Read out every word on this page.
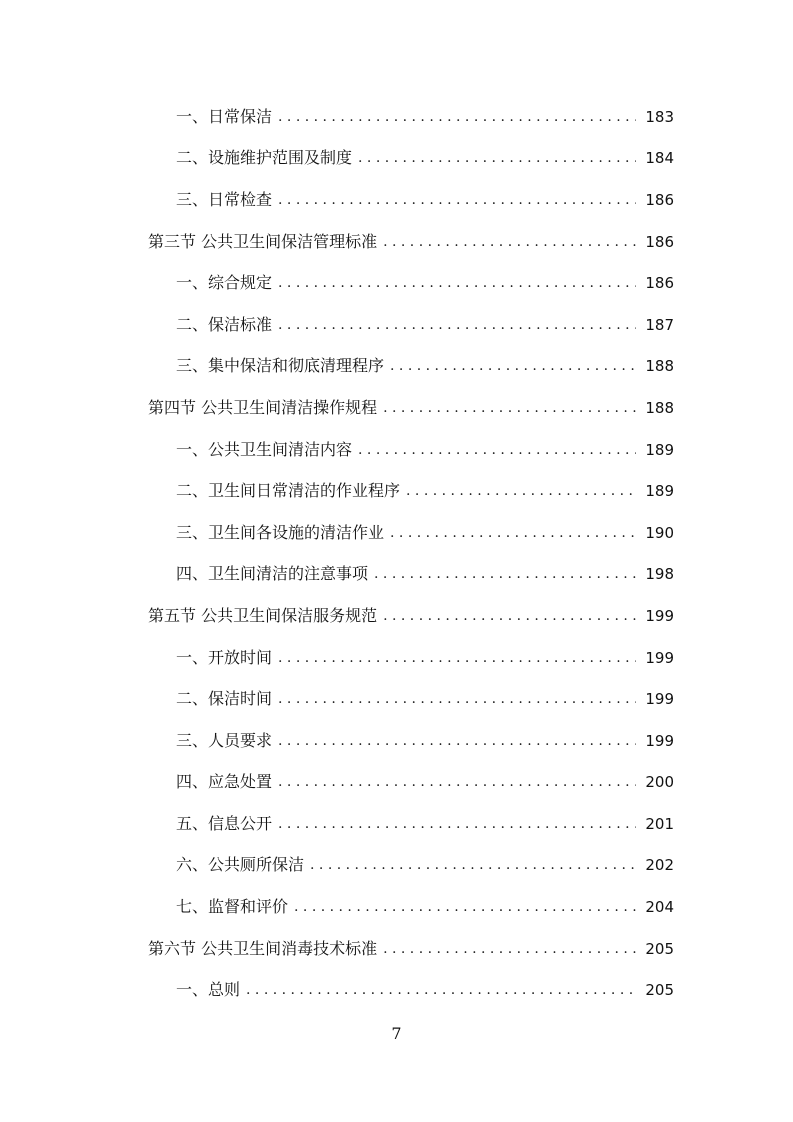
一、日常保洁 . . .	183
二、设施维护范围及制度 . . .	184
三、日常检查 . . .	186
第三节 公共卫生间保洁管理标准 . . .	186
一、综合规定 . . .	186
二、保洁标准 . . .	187
三、集中保洁和彻底清理程序 . . .	188
第四节 公共卫生间清洁操作规程 . . .	188
一、公共卫生间清洁内容 . . .	189
二、卫生间日常清洁的作业程序 . . .	189
三、卫生间各设施的清洁作业 . . .	190
四、卫生间清洁的注意事项 . . .	198
第五节 公共卫生间保洁服务规范 . . .	199
一、开放时间 . . .	199
二、保洁时间 . . .	199
三、人员要求 . . .	199
四、应急处置 . . .	200
五、信息公开 . . .	201
六、公共厕所保洁 . . .	202
七、监督和评价 . . .	204
第六节 公共卫生间消毒技术标准 . . .	205
一、总则 . . .	205
7
